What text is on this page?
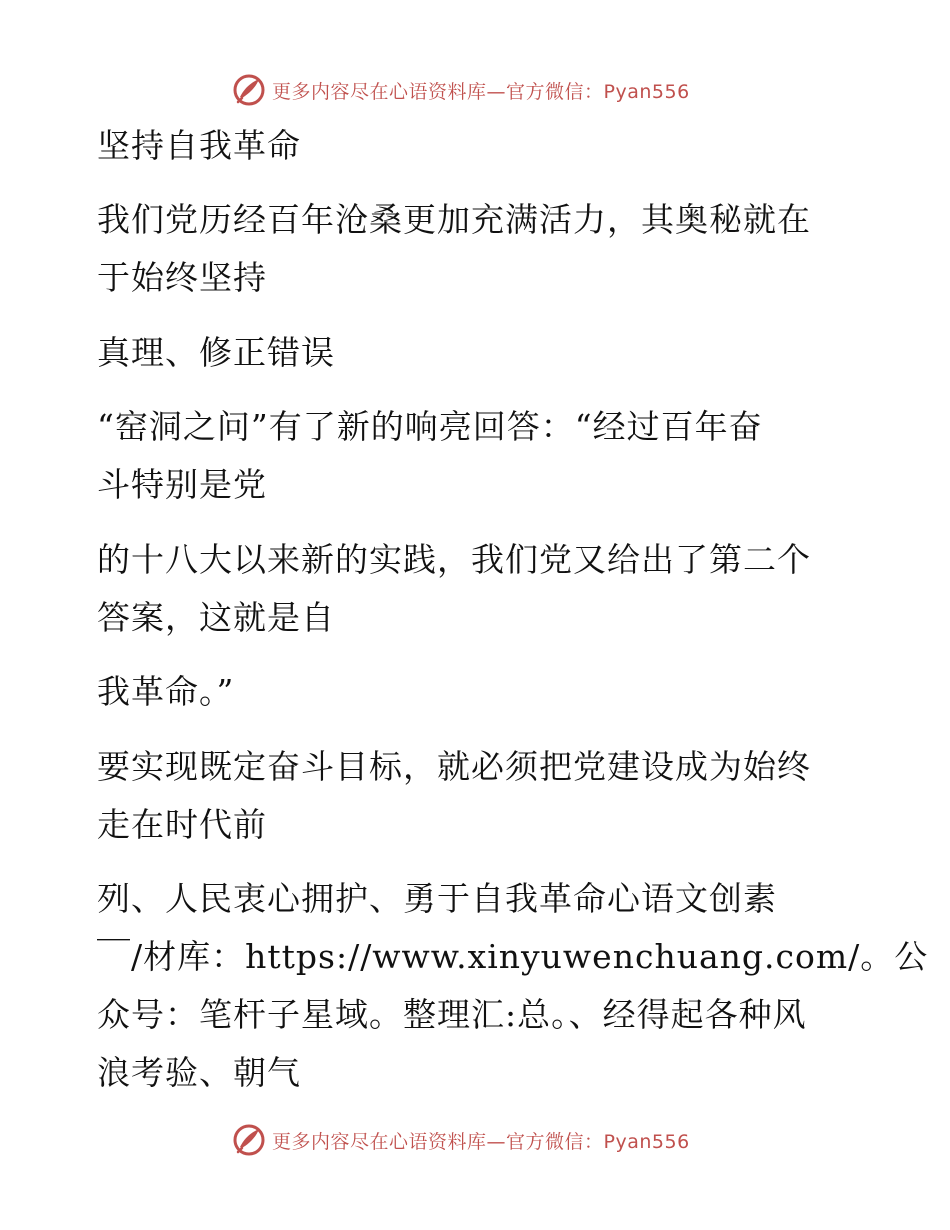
更多内容尽在心语资料库—官方微信：Pyan556
坚持自我革命
我们党历经百年沧桑更加充满活力，其奥秘就在
于始终坚持
真理、修正错误
“窑洞之问”有了新的响亮回答：“经过百年奋
斗特别是党
的十八大以来新的实践，我们党又给出了第二个
答案，这就是自
我革命。”
要实现既定奋斗目标，就必须把党建设成为始终
走在时代前
列、人民衷心拥护、勇于自我革命心语文创素
￣/材库：https://www.xinyuwenchuang.com/。公
众号：笔杆子星域。整理汇:总。、经得起各种风
浪考验、朝气
更多内容尽在心语资料库—官方微信：Pyan556
